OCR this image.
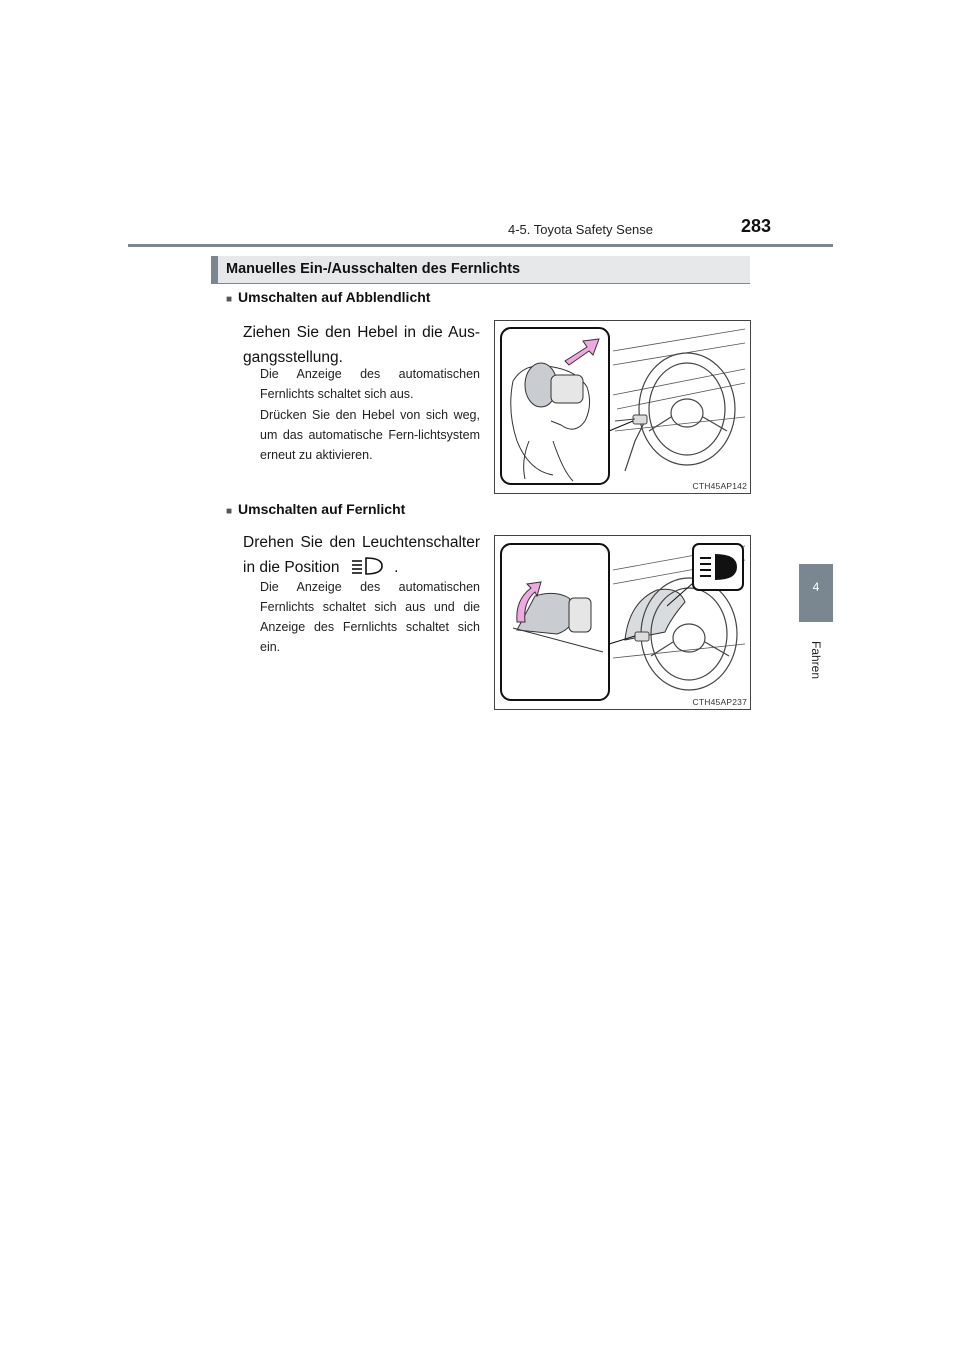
4-5. Toyota Safety Sense	283
4
Fahren
Manuelles Ein-/Ausschalten des Fernlichts
■ Umschalten auf Abblendlicht
Ziehen Sie den Hebel in die Aus-gangsstellung.
Die Anzeige des automatischen Fernlichts schaltet sich aus.
Drücken Sie den Hebel von sich weg, um das automatische Fern-lichtsystem erneut zu aktivieren.
CTH45AP142
■ Umschalten auf Fernlicht
Drehen Sie den Leuchtenschalter in die Position	.
Die Anzeige des automatischen Fernlichts schaltet sich aus und die Anzeige des Fernlichts schaltet sich ein.
CTH45AP237
